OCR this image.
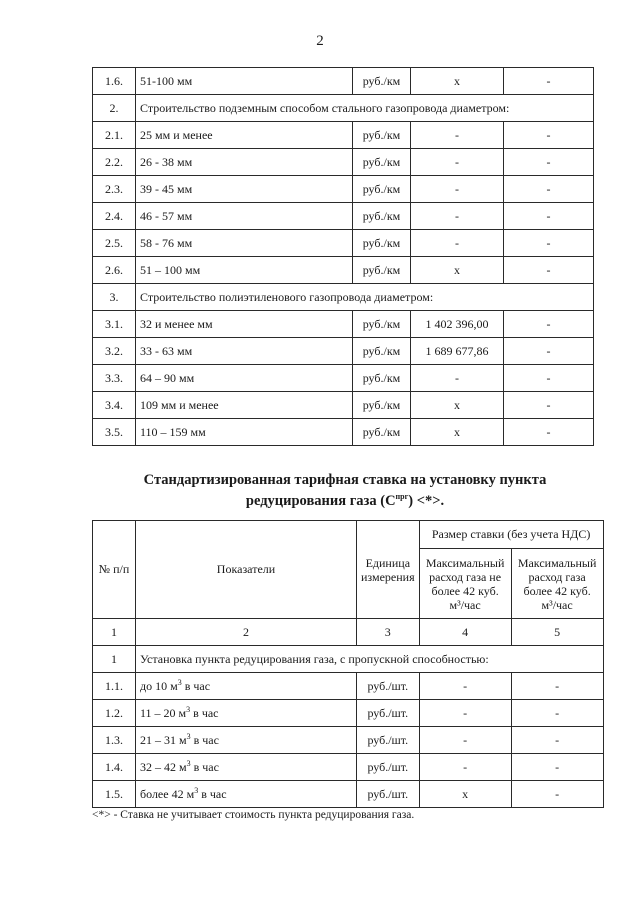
2
1.6.	51-100 мм	руб./км	x	-
2.	Строительство подземным способом стального газопровода диаметром:			
2.1.	25 мм и менее	руб./км	-	-
2.2.	26 - 38 мм	руб./км	-	-
2.3.	39 - 45 мм	руб./км	-	-
2.4.	46 - 57 мм	руб./км	-	-
2.5.	58 - 76 мм	руб./км	-	-
2.6.	51 – 100 мм	руб./км	x	-
3.	Строительство полиэтиленового газопровода диаметром:			
3.1.	32 и менее мм	руб./км	1 402 396,00	-
3.2.	33 - 63 мм	руб./км	1 689 677,86	-
3.3.	64 – 90 мм	руб./км	-	-
3.4.	109 мм и менее	руб./км	x	-
3.5.	110 – 159 мм	руб./км	x	-
Стандартизированная тарифная ставка на установку пункта
редуцирования газа $(С^{прг})$ <*>.
№ п/п	Показатели	Единица измерения	Размер ставки (без учета НДС)	
			Максимальный расход газа не более 42 куб. м³/час	Максимальный расход газа более 42 куб. м³/час
1	2	3	4	5
1	Установка пункта редуцирования газа, с пропускной способностью:			
1.1.	до 10 $м^3$ в час	руб./шт.	-	-
1.2.	11 – 20 $м^3$ в час	руб./шт.	-	-
1.3.	21 – 31 $м^3$ в час	руб./шт.	-	-
1.4.	32 – 42 $м^3$ в час	руб./шт.	-	-
1.5.	более 42 $м^3$ в час	руб./шт.	x	-
<*> - Ставка не учитывает стоимость пункта редуцирования газа.
